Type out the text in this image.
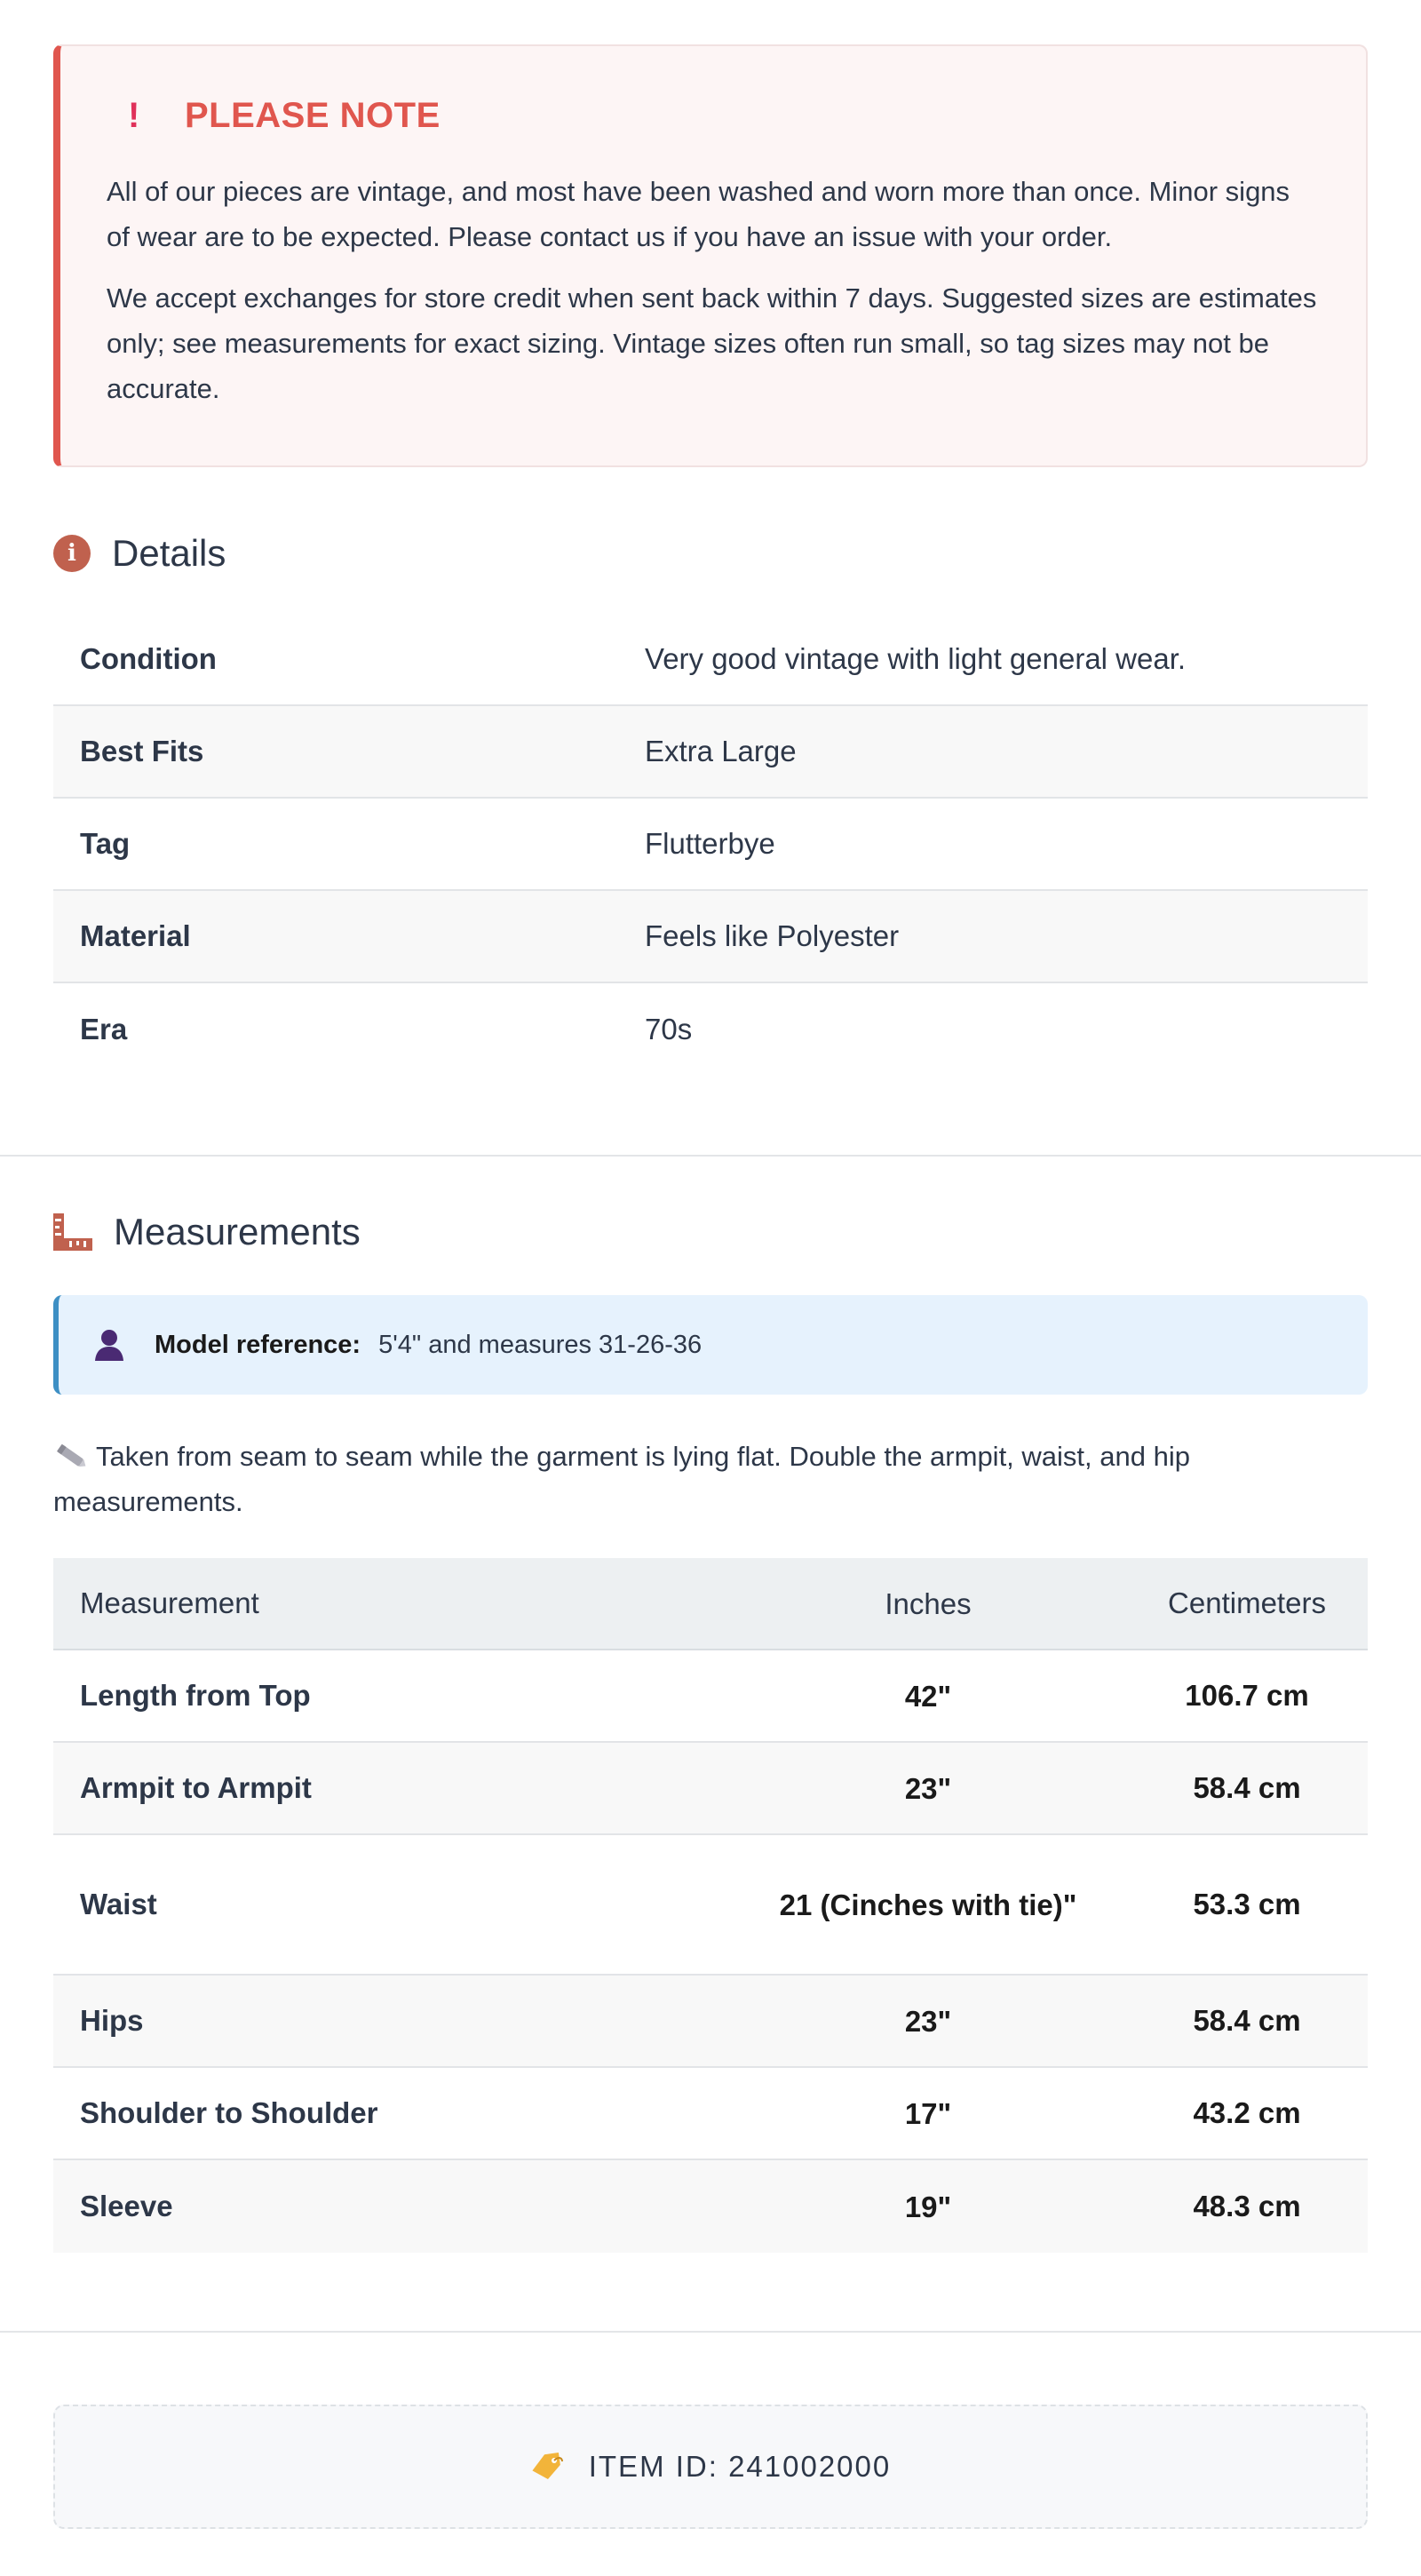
!	PLEASE NOTE

All of our pieces are vintage, and most have been washed and worn more than once. Minor signs of wear are to be expected. Please contact us if you have an issue with your order.

We accept exchanges for store credit when sent back within 7 days. Suggested sizes are estimates only; see measurements for exact sizing. Vintage sizes often run small, so tag sizes may not be accurate.

i Details
Condition	Very good vintage with light general wear.
Best Fits	Extra Large
Tag	Flutterbye
Material	Feels like Polyester
Era	70s
Measurements
Model reference: 5'4" and measures 31-26-36
Taken from seam to seam while the garment is lying flat. Double the armpit, waist, and hip measurements.
Measurement	Inches	Centimeters
Length from Top	42"	106.7 cm
Armpit to Armpit	23"	58.4 cm
Waist	21 (Cinches with tie)"	53.3 cm
Hips	23"	58.4 cm
Shoulder to Shoulder	17"	43.2 cm
Sleeve	19"	48.3 cm
ITEM ID: 241002000
